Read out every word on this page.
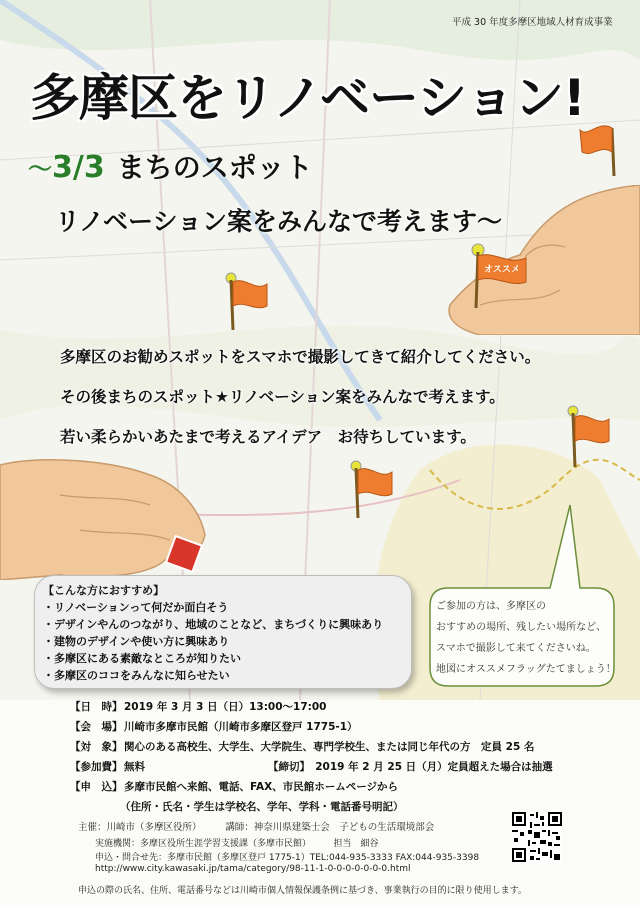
オススメ
平成 30 年度多摩区地域人材育成事業
多摩区をリノベーション!
～3/3 まちのスポット
リノベーション案をみんなで考えます～
多摩区のお勧めスポットをスマホで撮影してきて紹介してください。
その後まちのスポット★リノベーション案をみんなで考えます。
若い柔らかいあたまで考えるアイデア　お待ちしています。
【こんな方におすすめ】
・リノベーションって何だか面白そう
・デザインやんのつながり、地域のことなど、まちづくりに興味あり
・建物のデザインや使い方に興味あり
・多摩区にある素敵なところが知りたい
・多摩区のココをみんなに知らせたい
ご参加の方は、多摩区の
おすすめの場所、残したい場所など、
スマホで撮影して来てくださいね。
地図にオススメフラッグたてましょう！
【日　時】 2019 年 3 月 3 日（日）13:00～17:00
【会　場】 川崎市多摩市民館（川崎市多摩区登戸 1775-1）
【対　象】 関心のある高校生、大学生、大学院生、専門学校生、または同じ年代の方　定員 25 名
【参加費】 無料	【締切】　 2019 年 2 月 25 日（月）定員超えた場合は抽選
【申　込】 多摩市民館へ来館、電話、FAX、市民館ホームページから
（住所・氏名・学生は学校名、学年、学科・電話番号明記）
主催：川崎市（多摩区役所）　　　講師：神奈川県建築士会　子どもの生活環境部会
実施機関：多摩区役所生涯学習支援課（多摩市民館）　　　担当　細谷
申込・問合せ先：多摩市民館（多摩区登戸 1775-1）TEL:044-935-3333 FAX:044-935-3398
http://www.city.kawasaki.jp/tama/category/98-11-1-0-0-0-0-0-0-0.html
申込の際の氏名、住所、電話番号などは川崎市個人情報保護条例に基づき、事業執行の目的に限り使用します。
